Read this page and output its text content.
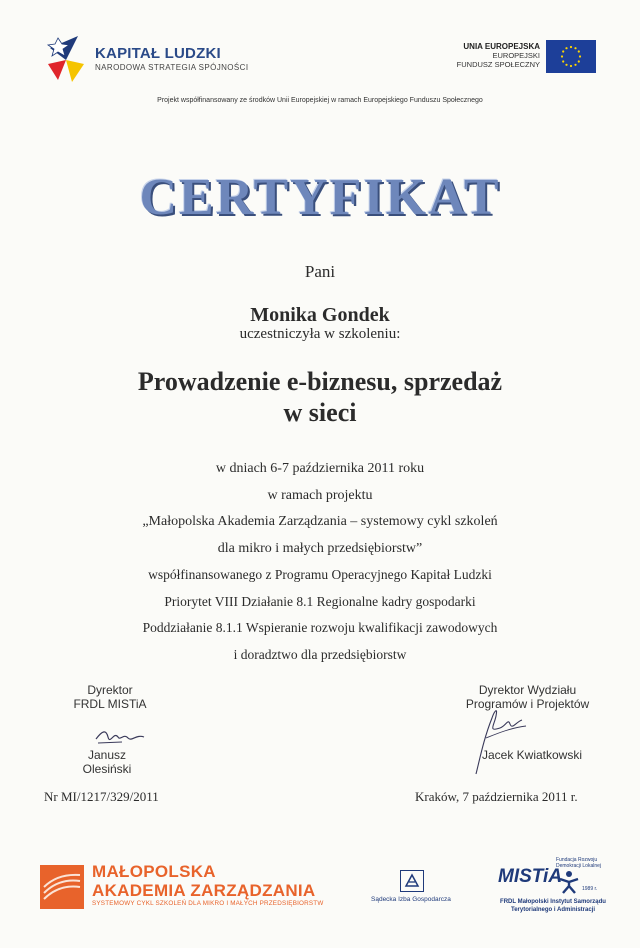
KAPITAŁ LUDZKI
NARODOWA STRATEGIA SPÓJNOŚCI
UNIA EUROPEJSKA
EUROPEJSKI
FUNDUSZ SPOŁECZNY
Projekt współfinansowany ze środków Unii Europejskiej w ramach Europejskiego Funduszu Społecznego
CERTYFIKAT
Pani
Monika Gondek
uczestniczyła w szkoleniu:
Prowadzenie e-biznesu, sprzedaż
w sieci
w dniach 6-7 października 2011 roku
w ramach projektu
„Małopolska Akademia Zarządzania – systemowy cykl szkoleń
dla mikro i małych przedsiębiorstw”
współfinansowanego z Programu Operacyjnego Kapitał Ludzki
Priorytet VIII Działanie 8.1 Regionalne kadry gospodarki
Poddziałanie 8.1.1 Wspieranie rozwoju kwalifikacji zawodowych
i doradztwo dla przedsiębiorstw
Dyrektor
FRDL MISTiA
Janusz Olesiński
Dyrektor Wydziału
Programów i Projektów
Jacek Kwiatkowski
Nr MI/1217/329/2011	Kraków, 7 października 2011 r.
MAŁOPOLSKA
AKADEMIA ZARZĄDZANIA
SYSTEMOWY CYKL SZKOLEŃ DLA MIKRO I MAŁYCH PRZEDSIĘBIORSTW
Sądecka Izba Gospodarcza
MISTiA
Fundacja Rozwoju
Demokracji Lokalnej
1989 r.
FRDL Małopolski Instytut Samorządu
Terytorialnego i Administracji
